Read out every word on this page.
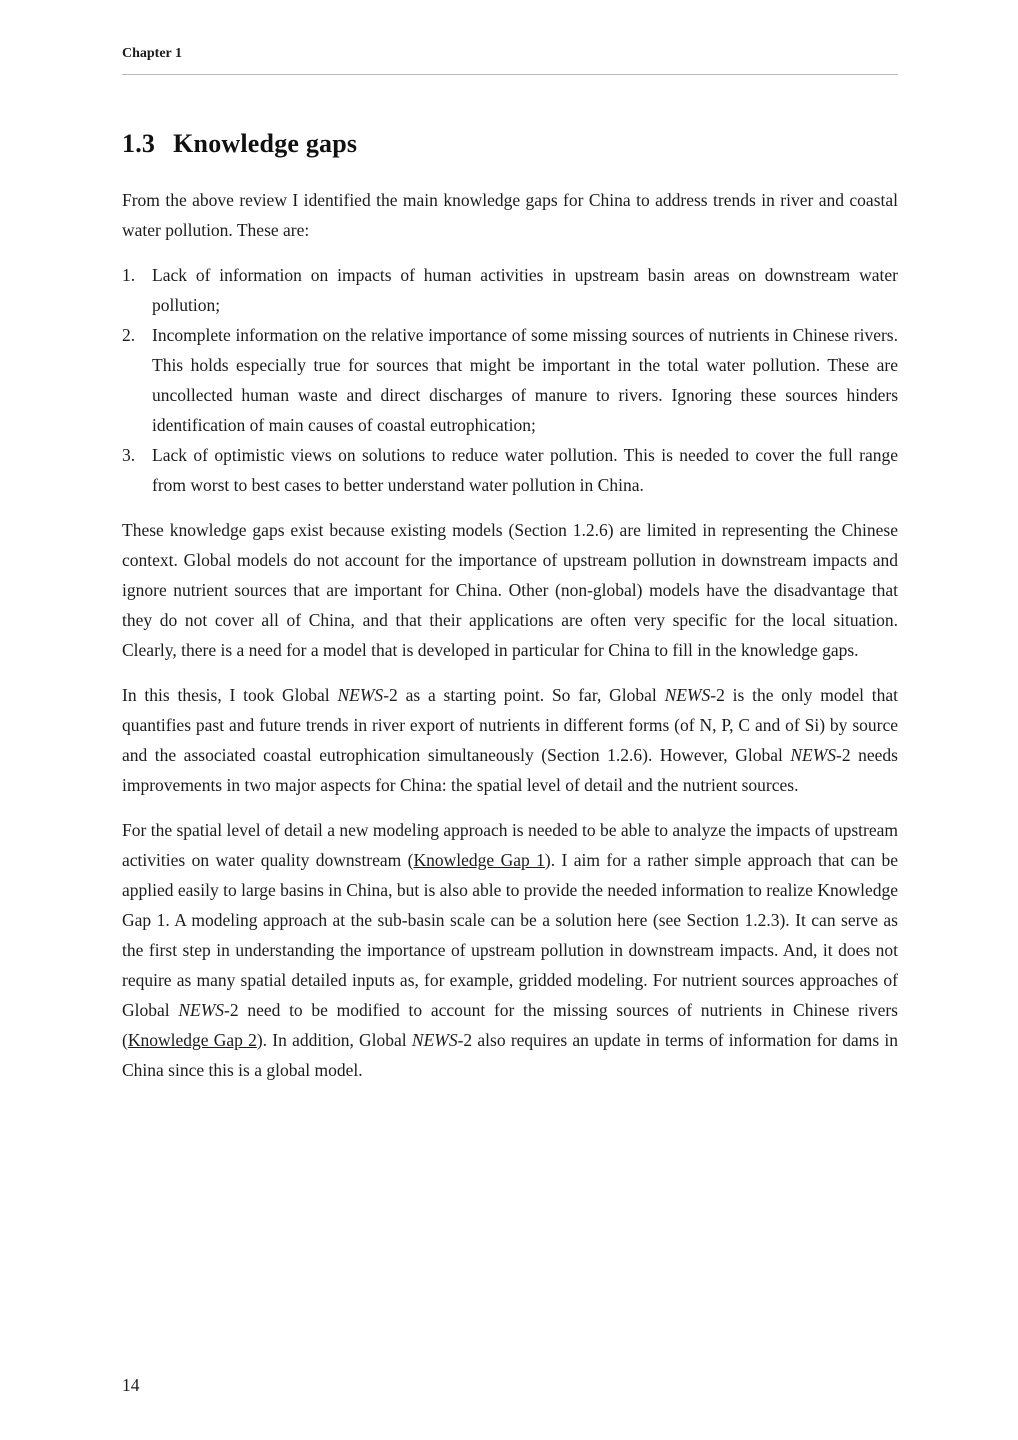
Chapter 1
1.3 Knowledge gaps

From the above review I identified the main knowledge gaps for China to address trends in river and coastal water pollution. These are:

1. Lack of information on impacts of human activities in upstream basin areas on downstream water pollution;
2. Incomplete information on the relative importance of some missing sources of nutrients in Chinese rivers. This holds especially true for sources that might be important in the total water pollution. These are uncollected human waste and direct discharges of manure to rivers. Ignoring these sources hinders identification of main causes of coastal eutrophication;
3. Lack of optimistic views on solutions to reduce water pollution. This is needed to cover the full range from worst to best cases to better understand water pollution in China.

These knowledge gaps exist because existing models (Section 1.2.6) are limited in representing the Chinese context. Global models do not account for the importance of upstream pollution in downstream impacts and ignore nutrient sources that are important for China. Other (non-global) models have the disadvantage that they do not cover all of China, and that their applications are often very specific for the local situation. Clearly, there is a need for a model that is developed in particular for China to fill in the knowledge gaps.

In this thesis, I took Global NEWS-2 as a starting point. So far, Global NEWS-2 is the only model that quantifies past and future trends in river export of nutrients in different forms (of N, P, C and of Si) by source and the associated coastal eutrophication simultaneously (Section 1.2.6). However, Global NEWS-2 needs improvements in two major aspects for China: the spatial level of detail and the nutrient sources.

For the spatial level of detail a new modeling approach is needed to be able to analyze the impacts of upstream activities on water quality downstream (Knowledge Gap 1). I aim for a rather simple approach that can be applied easily to large basins in China, but is also able to provide the needed information to realize Knowledge Gap 1. A modeling approach at the sub-basin scale can be a solution here (see Section 1.2.3). It can serve as the first step in understanding the importance of upstream pollution in downstream impacts. And, it does not require as many spatial detailed inputs as, for example, gridded modeling. For nutrient sources approaches of Global NEWS-2 need to be modified to account for the missing sources of nutrients in Chinese rivers (Knowledge Gap 2). In addition, Global NEWS-2 also requires an update in terms of information for dams in China since this is a global model.

14
